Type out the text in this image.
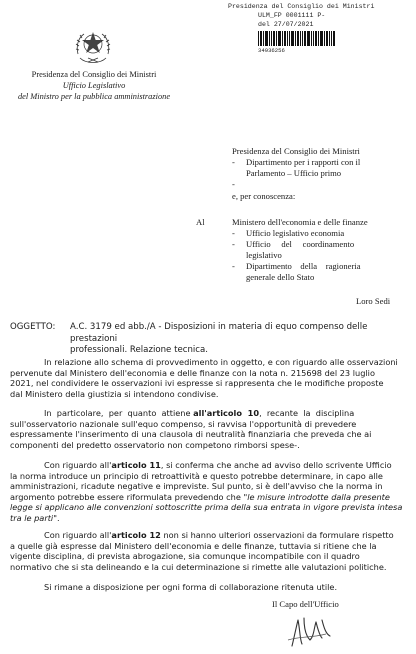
Presidenza del Consiglio dei Ministri
ULM_FP 0001111 P-
del 27/07/2021
34936256
Presidenza del Consiglio dei Ministri
Ufficio Legislativo
del Ministro per la pubblica amministrazione
Presidenza del Consiglio dei Ministri
-	Dipartimento per i rapporti con il
Parlamento – Ufficio primo
-
e, per conoscenza:
Al	Ministero dell'economia e delle finanze
-	Ufficio legislativo economia
-	Ufficio     del     coordinamento
legislativo
-	Dipartimento    della    ragioneria
generale dello Stato
Loro Sedi
OGGETTO:	A.C. 3179 ed abb./A - Disposizioni in materia di equo compenso delle prestazioni
professionali. Relazione tecnica.
In relazione allo schema di provvedimento in oggetto, e con riguardo alle osservazioni
pervenute dal Ministero dell'economia e delle finanze con la nota n. 215698 del 23 luglio
2021, nel condividere le osservazioni ivi espresse si rappresenta che le modifiche proposte
dal Ministero della giustizia si intendono condivise.
In  particolare,  per  quanto  attiene all'articolo  10,  recante  la  disciplina
sull'osservatorio nazionale sull'equo compenso, si ravvisa l'opportunità di prevedere
espressamente l'inserimento di una clausola di neutralità finanziaria che preveda che ai
componenti del predetto osservatorio non competono rimborsi spese-.
Con riguardo all'articolo 11, si conferma che anche ad avviso dello scrivente Ufficio
la norma introduce un principio di retroattività e questo potrebbe determinare, in capo alle
amministrazioni, ricadute negative e impreviste. Sul punto, si è dell'avviso che la norma in
argomento potrebbe essere riformulata prevedendo che "le misure introdotte dalla presente
legge si applicano alle convenzioni sottoscritte prima della sua entrata in vigore prevista intesa
tra le parti".
Con riguardo all'articolo 12 non si hanno ulteriori osservazioni da formulare rispetto
a quelle già espresse dal Ministero dell'economia e delle finanze, tuttavia si ritiene che la
vigente disciplina, di prevista abrogazione, sia comunque incompatibile con il quadro
normativo che si sta delineando e la cui determinazione si rimette alle valutazioni politiche.
Si rimane a disposizione per ogni forma di collaborazione ritenuta utile.
Il Capo dell'Ufficio
